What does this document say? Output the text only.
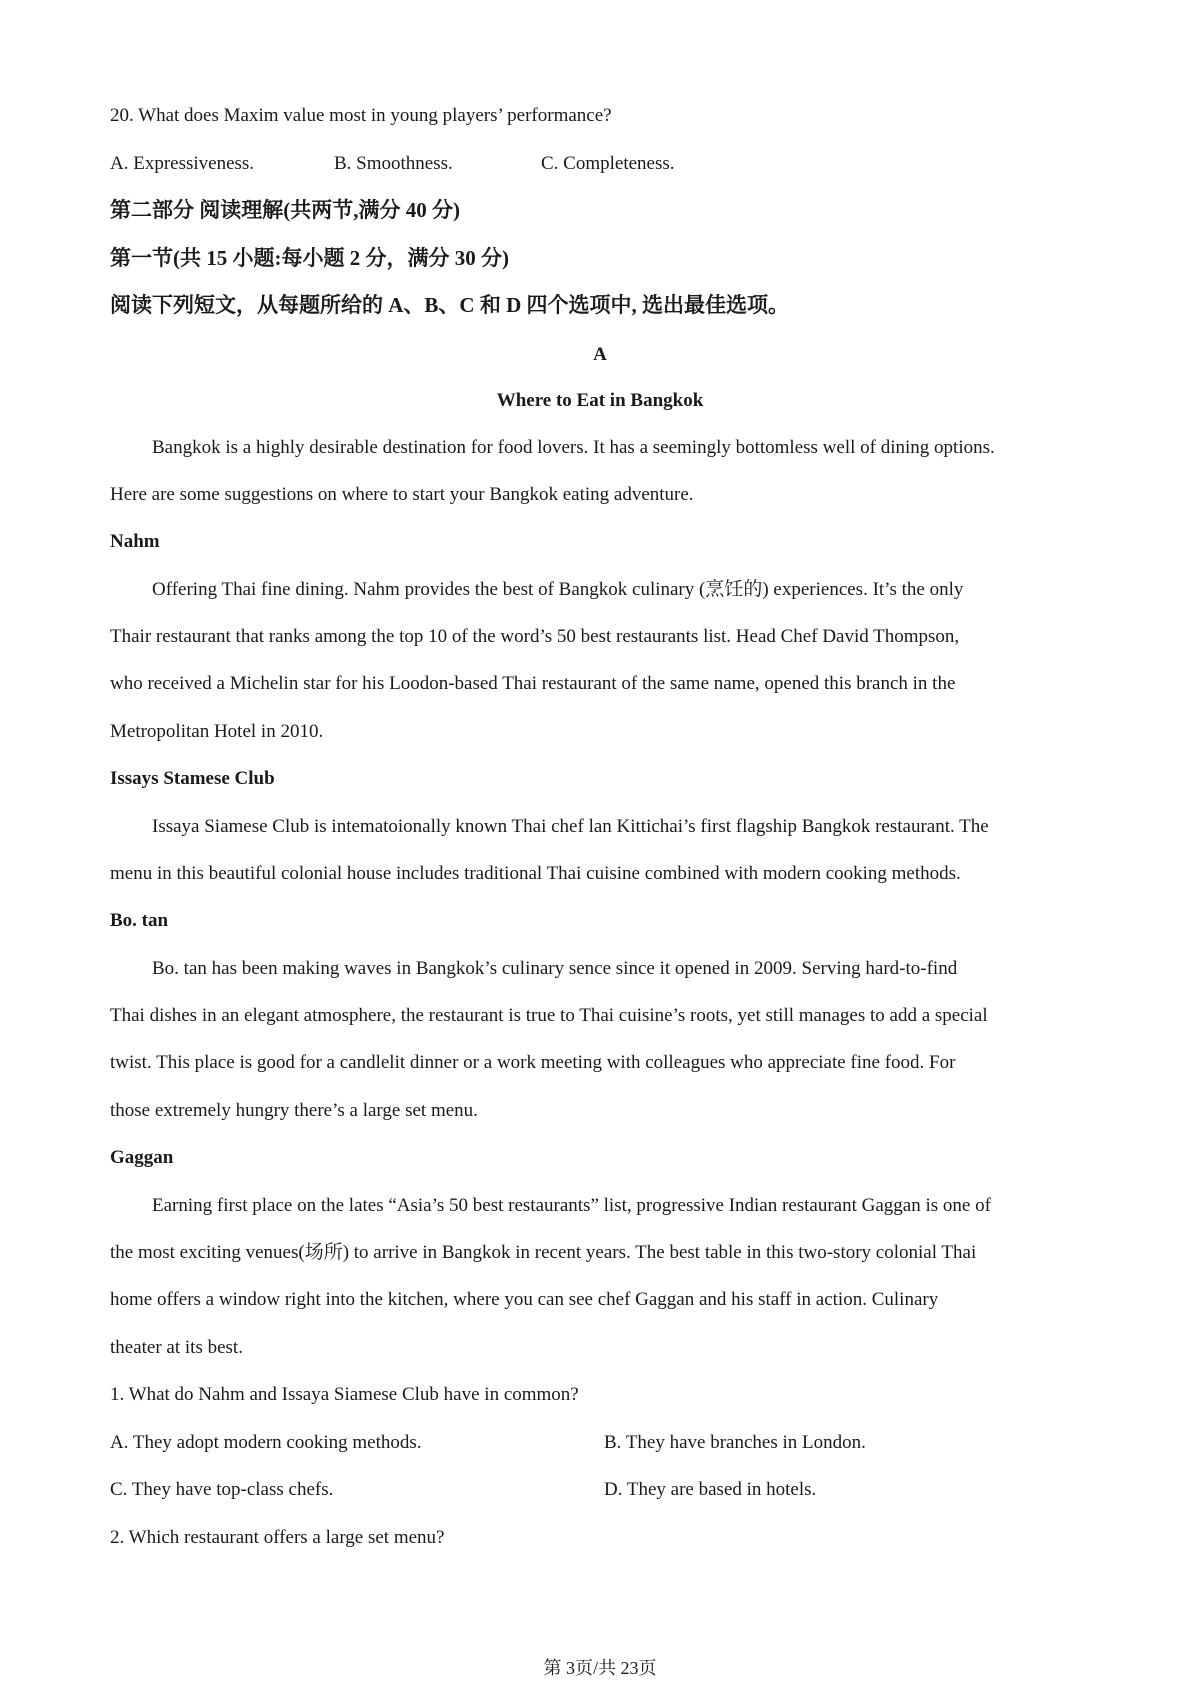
20. What does Maxim value most in young players’ performance?
A. Expressiveness.	B. Smoothness.	C. Completeness.
第二部分 阅读理解(共两节,满分 40 分)
第一节(共 15 小题:每小题 2 分，满分 30 分)
阅读下列短文，从每题所给的 A、B、C 和 D 四个选项中, 选出最佳选项。
A
Where to Eat in Bangkok
Bangkok is a highly desirable destination for food lovers. It has a seemingly bottomless well of dining options.
Here are some suggestions on where to start your Bangkok eating adventure.
Nahm
Offering Thai fine dining. Nahm provides the best of Bangkok culinary (烹饪的) experiences. It’s the only
Thair restaurant that ranks among the top 10 of the word’s 50 best restaurants list. Head Chef David Thompson,
who received a Michelin star for his Loodon-based Thai restaurant of the same name, opened this branch in the
Metropolitan Hotel in 2010.
Issays Stamese Club
Issaya Siamese Club is intematoionally known Thai chef lan Kittichai’s first flagship Bangkok restaurant. The
menu in this beautiful colonial house includes traditional Thai cuisine combined with modern cooking methods.
Bo. tan
Bo. tan has been making waves in Bangkok’s culinary sence since it opened in 2009. Serving hard-to-find
Thai dishes in an elegant atmosphere, the restaurant is true to Thai cuisine’s roots, yet still manages to add a special
twist. This place is good for a candlelit dinner or a work meeting with colleagues who appreciate fine food. For
those extremely hungry there’s a large set menu.
Gaggan
Earning first place on the lates “Asia’s 50 best restaurants” list, progressive Indian restaurant Gaggan is one of
the most exciting venues(场所) to arrive in Bangkok in recent years. The best table in this two-story colonial Thai
home offers a window right into the kitchen, where you can see chef Gaggan and his staff in action. Culinary
theater at its best.
1. What do Nahm and Issaya Siamese Club have in common?
A. They adopt modern cooking methods.	B. They have branches in London.
C. They have top-class chefs.	D. They are based in hotels.
2. Which restaurant offers a large set menu?
第 3页/共 23页
